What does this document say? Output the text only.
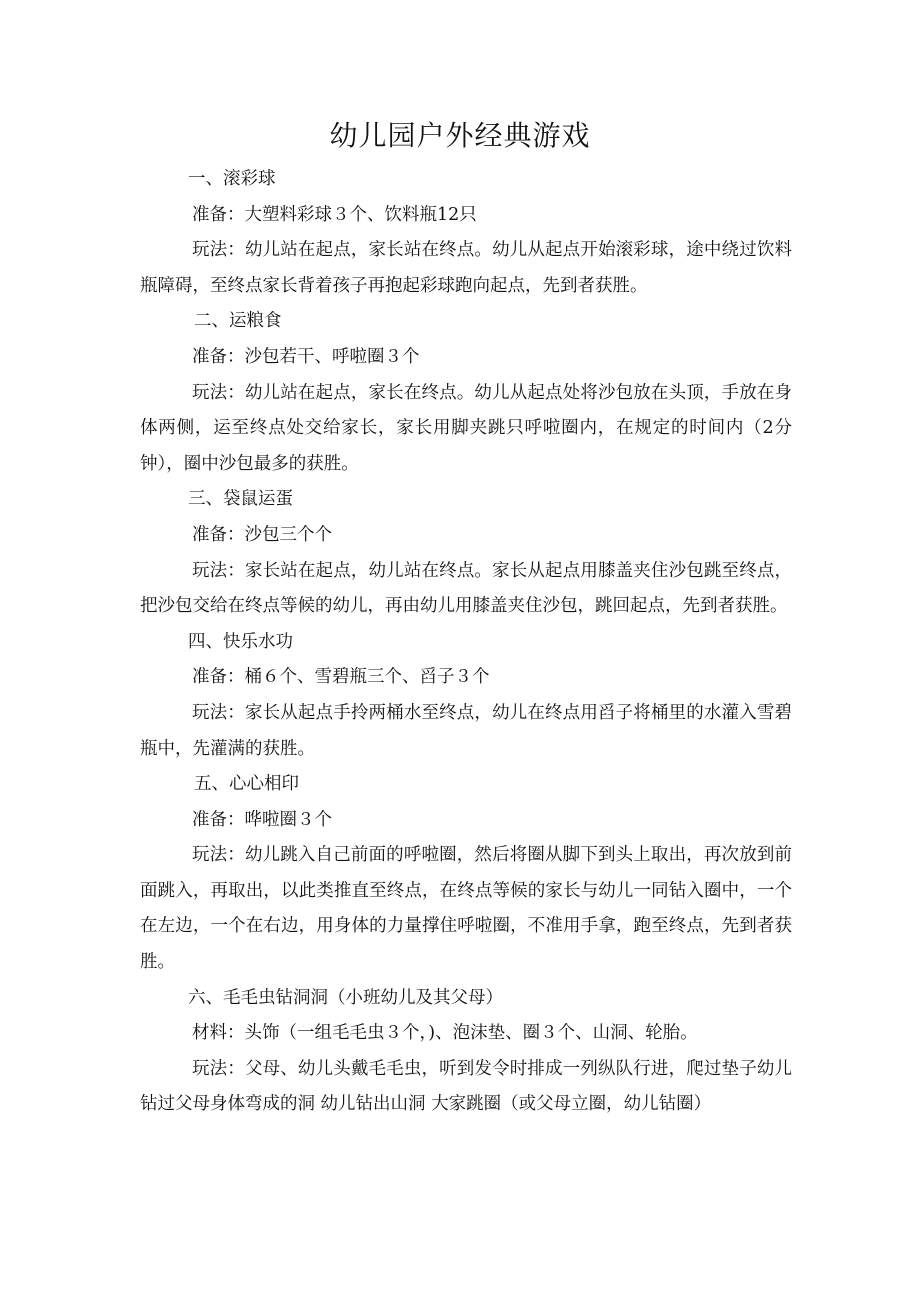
幼儿园户外经典游戏
一、滚彩球
准备：大塑料彩球３个、饮料瓶12只
玩法：幼儿站在起点，家长站在终点。幼儿从起点开始滚彩球，途中绕过饮料瓶障碍，至终点家长背着孩子再抱起彩球跑向起点，先到者获胜。
二、运粮食
准备：沙包若干、呼啦圈３个
玩法：幼儿站在起点，家长在终点。幼儿从起点处将沙包放在头顶，手放在身体两侧，运至终点处交给家长，家长用脚夹跳只呼啦圈内，在规定的时间内（2分钟），圈中沙包最多的获胜。
三、袋鼠运蛋
准备：沙包三个个
玩法：家长站在起点，幼儿站在终点。家长从起点用膝盖夹住沙包跳至终点，把沙包交给在终点等候的幼儿，再由幼儿用膝盖夹住沙包，跳回起点，先到者获胜。
四、快乐水功
准备：桶６个、雪碧瓶三个、舀子３个
玩法：家长从起点手拎两桶水至终点，幼儿在终点用舀子将桶里的水灌入雪碧瓶中，先灌满的获胜。
五、心心相印
准备：哗啦圈３个
玩法：幼儿跳入自己前面的呼啦圈，然后将圈从脚下到头上取出，再次放到前面跳入，再取出，以此类推直至终点，在终点等候的家长与幼儿一同钻入圈中，一个在左边，一个在右边，用身体的力量撑住呼啦圈，不准用手拿，跑至终点，先到者获胜。
六、毛毛虫钻洞洞（小班幼儿及其父母）
材料：头饰（一组毛毛虫３个，)、泡沫垫、圈３个、山洞、轮胎。
玩法：父母、幼儿头戴毛毛虫，听到发令时排成一列纵队行进，爬过垫子幼儿钻过父母身体弯成的洞 幼儿钻出山洞 大家跳圈（或父母立圈，幼儿钻圈）
